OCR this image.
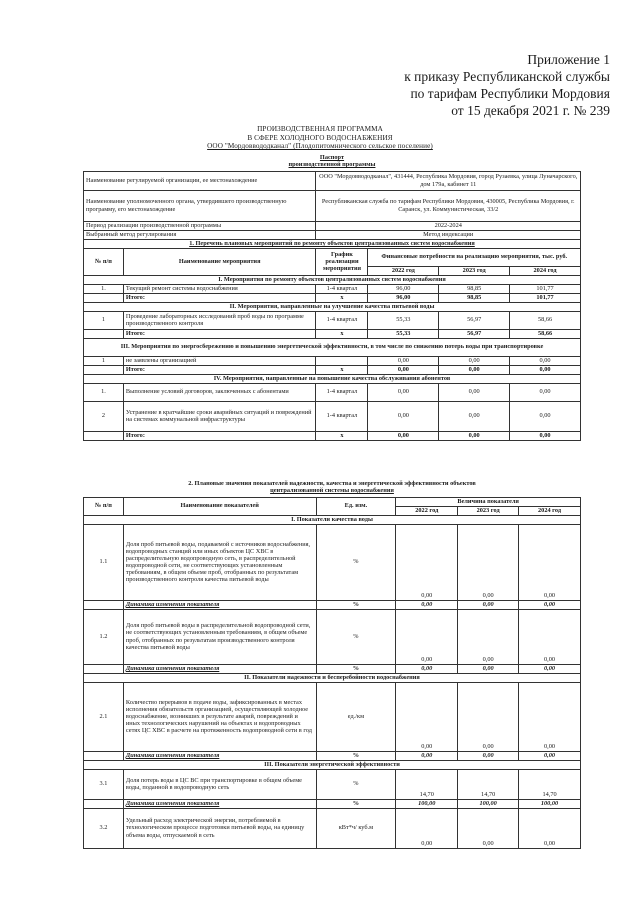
Приложение 1
к приказу Республиканской службы
по тарифам Республики Мордовия
от 15 декабря 2021 г. № 239
ПРОИЗВОДСТВЕННАЯ ПРОГРАММА
В СФЕРЕ ХОЛОДНОГО ВОДОСНАБЖЕНИЯ
ООО "Мордоввододканал" (Плодопитомнического сельское поселение)
Паспорт
производственной программы					

Наименование регулируемой организации, ее местонахождение		ООО "Мордоввододканал", 431444, Республика Мордовия, город Рузаевка, улица Луначарского, дом 179а, кабинет 11			
Наименование уполномоченного органа, утвердившего производственную программу, его местонахождение		Республиканская служба по тарифам Республики Мордовия, 430005, Республика Мордовия, г. Саранск, ул. Коммунистическая, 33/2			
Период реализации производственной программы		2022-2024			
Выбранный метод регулирования		Метод индексации			
1. Перечень плановых мероприятий по ремонту объектов централизованных систем водоснабжения					
№ п/п	Наименование мероприятия	График реализации мероприятия	Финансовые потребности на реализацию мероприятия, тыс. руб.		
			2022 год	2023 год	2024 год
I. Мероприятия по ремонту объектов централизованных систем водоснабжения					
1.	Текущий ремонт системы водоснабжения	1-4 квартал	96,00	98,85	101,77
	Итого:	х	96,00	98,85	101,77
II. Мероприятия, направленные на улучшение качества питьевой воды					
1	Проведение лабораторных исследований проб воды по программе производственного контроля	1-4 квартал	55,33	56,97	58,66
	Итого:	х	55,33	56,97	58,66
III. Мероприятия по энергосбережению и повышению энергетической эффективности, в том числе по снижению потерь воды при транспортировке					
1	не заявлены организацией		0,00	0,00	0,00
	Итого:	х	0,00	0,00	0,00
IV. Мероприятия, направленные на повышение качества обслуживания абонентов					
1.	Выполнение условий договоров, заключенных с абонентами	1-4 квартал	0,00	0,00	0,00
2	Устранение в кратчайшие сроки аварийных ситуаций и повреждений на системах коммунальной инфраструктуры	1-4 квартал	0,00	0,00	0,00
	Итого:	х	0,00	0,00	0,00
2. Плановые значения показателей надежности, качества и энергетической эффективности объектов
централизованной системы водоснабжения					

№ п/п	Наименование показателей	Ед. изм.	Величина показателя		
			2022 год	2023 год	2024 год
I. Показатели качества воды					
1.1	Доля проб питьевой воды, подаваемой с источников водоснабжения, водопроводных станций или иных объектов ЦС ХВС в распределительную водопроводную сеть, в распределительной водопроводной сети, не соответствующих установленным требованиям, в общем объеме проб, отобранных по результатам производственного контроля качества питьевой воды	%	0,00	0,00	0,00
	Динамика изменения показателя	%	0,00	0,00	0,00
1.2	Доля проб питьевой воды в распределительной водопроводной сети, не соответствующих установленным требованиям, в общем объеме проб, отобранных по результатам производственного контроля качества питьевой воды	%	0,00	0,00	0,00
	Динамика изменения показателя	%	0,00	0,00	0,00
II. Показатели надежности и бесперебойности водоснабжения					
2.1	Количество перерывов в подаче воды, зафиксированных в местах исполнения обязательств организацией, осуществляющей холодное водоснабжение, возникших в результате аварий, повреждений и иных технологических нарушений на объектах и водопроводных сетях ЦС ХВС в расчете на протяженность водопроводной сети в год	ед./км	0,00	0,00	0,00
	Динамика изменения показателя	%	0,00	0,00	0,00
III. Показатели энергетической эффективности					
3.1	Доля потерь воды в ЦС ВС при транспортировке в общем объеме воды, поданной в водопроводную сеть	%	14,70	14,70	14,70
	Динамика изменения показателя	%	100,00	100,00	100,00
3.2	Удельный расход электрической энергии, потребляемой в технологическом процессе подготовки питьевой воды, на единицу объема воды, отпускаемой в сеть	кВт*ч/ куб.м	0,00	0,00	0,00
